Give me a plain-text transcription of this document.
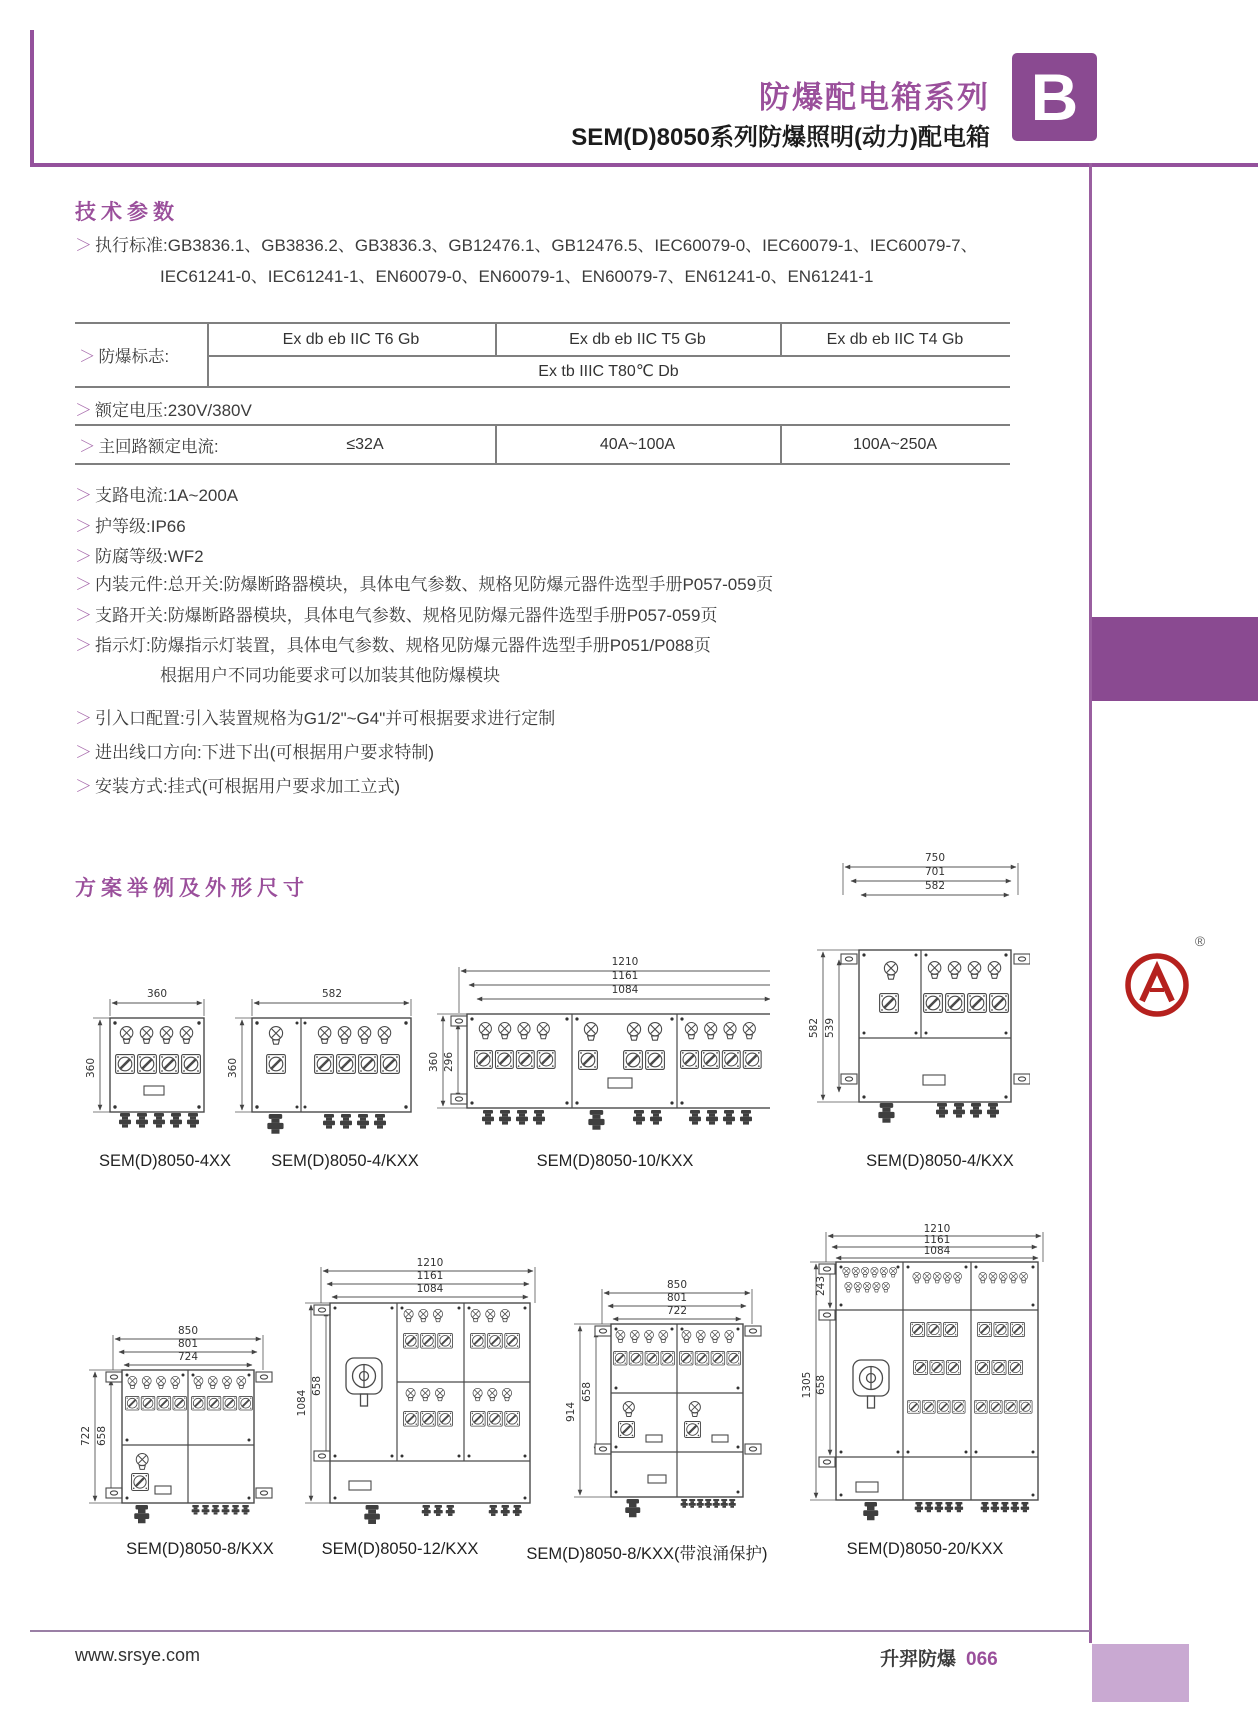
防爆配电箱系列
SEM(D)8050系列防爆照明(动力)配电箱
B
技术参数
＞ 执行标准:GB3836.1、GB3836.2、GB3836.3、GB12476.1、GB12476.5、IEC60079-0、IEC60079-1、IEC60079-7、
IEC61241-0、IEC61241-1、EN60079-0、EN60079-1、EN60079-7、EN61241-0、EN61241-1
＞ 防爆标志:
Ex db eb IIC T6 Gb	Ex db eb IIC T5 Gb	Ex db eb IIC T4 Gb
Ex tb IIIC T80℃ Db
＞ 额定电压:230V/380V
＞ 主回路额定电流:	≤32A	40A~100A	100A~250A
＞ 支路电流:1A~200A
＞ 护等级:IP66
＞ 防腐等级:WF2
＞ 内装元件:总开关:防爆断路器模块，具体电气参数、规格见防爆元器件选型手册P057-059页
＞ 支路开关:防爆断路器模块，具体电气参数、规格见防爆元器件选型手册P057-059页
＞ 指示灯:防爆指示灯装置，具体电气参数、规格见防爆元器件选型手册P051/P088页
根据用户不同功能要求可以加装其他防爆模块
＞ 引入口配置:引入装置规格为G1/2"~G4"并可根据要求进行定制
＞ 进出线口方向:下进下出(可根据用户要求特制)
＞ 安装方式:挂式(可根据用户要求加工立式)
方案举例及外形尺寸
360
360
582
360
1210
1161
1084
360 296
750
701
582
582 539
SEM(D)8050-4XX	SEM(D)8050-4/KXX	SEM(D)8050-10/KXX	SEM(D)8050-4/KXX
850
801
724
722 658
1210
1161
1084
1084
658
850
801
722
914
658
1210
1161
1084
1305 658
243
SEM(D)8050-8/KXX	SEM(D)8050-12/KXX	SEM(D)8050-8/KXX(带浪涌保护)	SEM(D)8050-20/KXX
®
www.srsye.com	升羿防爆 066
